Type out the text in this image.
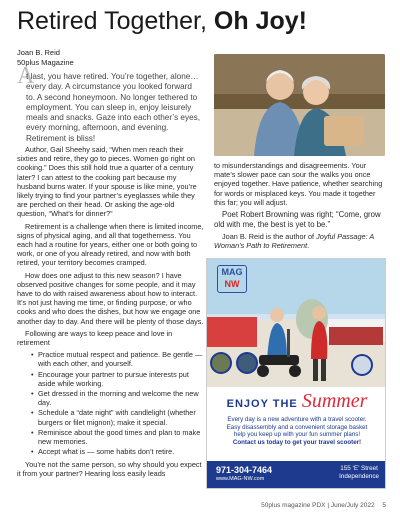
Retired Together, Oh Joy!
Joan B. Reid
50plus Magazine
A
t last, you have retired. You’re together, alone… every day. A circumstance you looked forward to. A second honeymoon. No longer tethered to employment. You can sleep in, enjoy leisurely meals and snacks. Gaze into each other’s eyes, every morning, afternoon, and evening. Retirement is bliss!

Author, Gail Sheehy said, “When men reach their sixties and retire, they go to pieces. Women go right on cooking.” Does this still hold true a quarter of a century later? I can attest to the cooking part because my husband burns water. If your spouse is like mine, you’re likely trying to find your partner’s eyeglasses while they are perched on their head. Or asking the age-old question, “What’s for dinner?”

Retirement is a challenge when there is limited income, signs of physical aging, and all that togetherness. You each had a routine for years, either one or both going to work, or one of you already retired, and now with both retired, your territory becomes cramped.

How does one adjust to this new season? I have observed positive changes for some people, and it may have to do with raised awareness about how to interact. It’s not just having me time, or finding purpose, or who cooks and who does the dishes, but how we engage one another day to day. And there will be plenty of those days.

Following are ways to keep peace and love in retirement

• Practice mutual respect and patience. Be gentle — with each other, and yourself.
• Encourage your partner to pursue interests put aside while working.
• Get dressed in the morning and welcome the new day.
• Schedule a “date night” with candlelight (whether burgers or filet mignon); make it special.
• Reminisce about the good times and plan to make new memories.
• Accept what is — some habits don’t retire.

You’re not the same person, so why should you expect it from your partner? Hearing loss easily leads

to misunderstandings and disagreements. Your mate’s slower pace can sour the walks you once enjoyed together. Have patience, whether searching for words or misplaced keys. You made it together this far; you will adjust.

Poet Robert Browning was right; “Come, grow old with me, the best is yet to be.”

Joan B. Reid is the author of Joyful Passage: A Woman’s Path to Retirement.

MAG
NW
ENJOY THE Summer
Every day is a new adventure with a travel scooter.
Easy disassembly and a convenient storage basket
help you keep up with your fun summer plans!
Contact us today to get your travel scooter!
971-304-7464
www.MAG-NW.com
155 ‘E’ Street
Independence
50plus magazine PDX | June/July 2022 5
